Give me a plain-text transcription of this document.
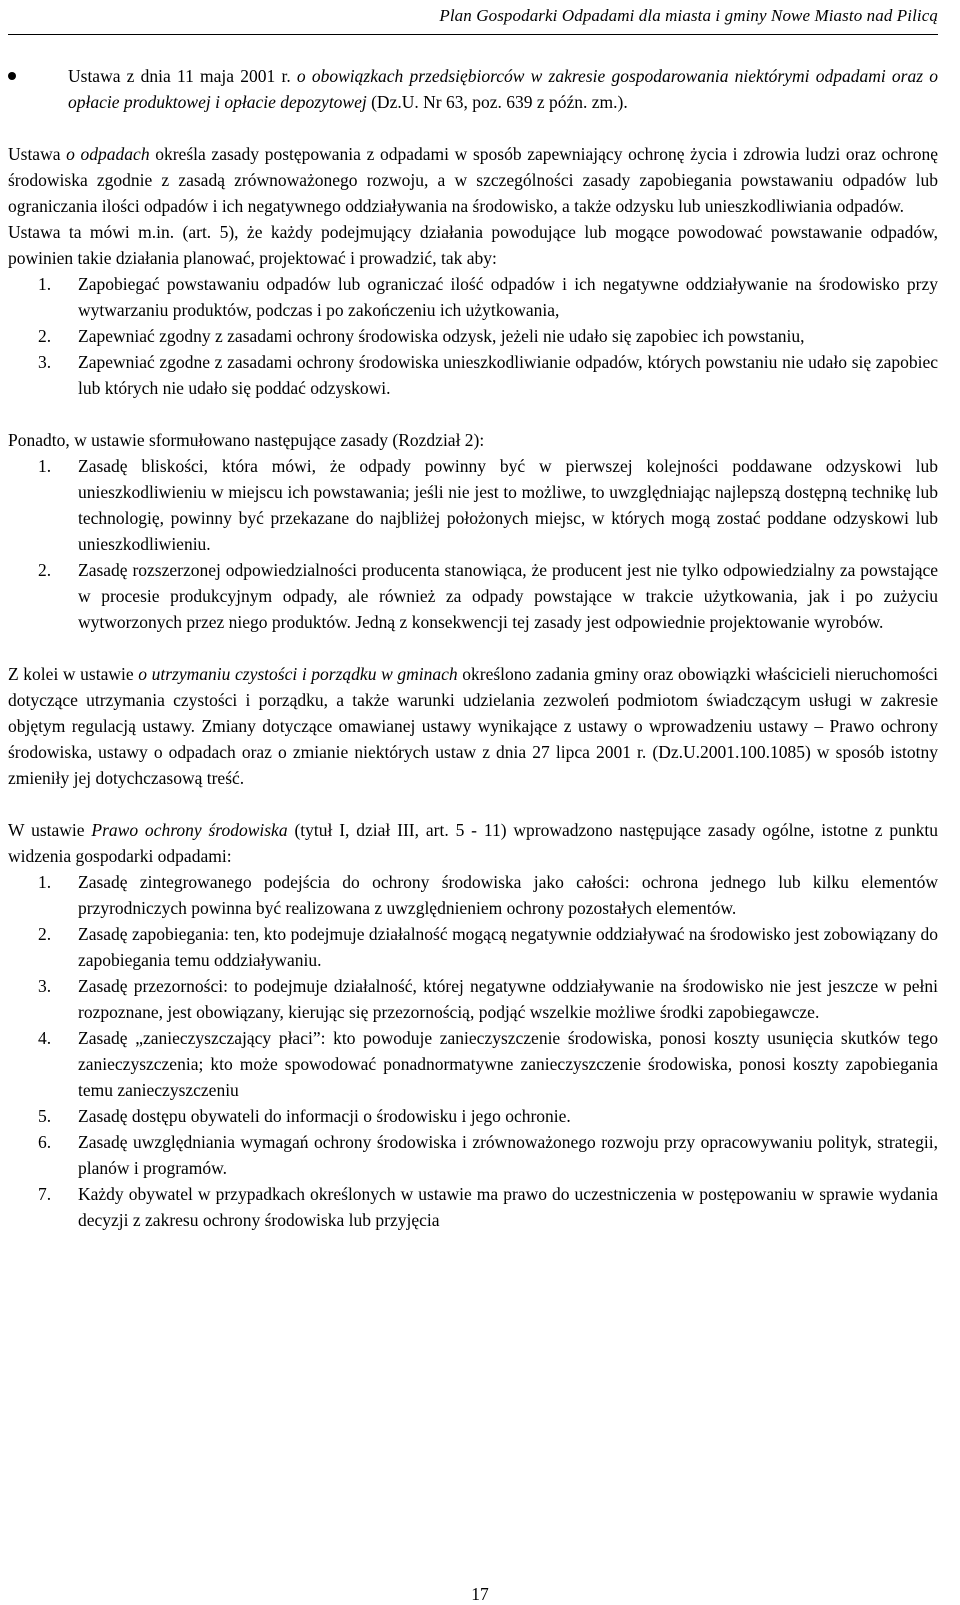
Plan Gospodarki Odpadami dla miasta i gminy Nowe Miasto nad Pilicą
Ustawa z dnia 11 maja 2001 r. o obowiązkach przedsiębiorców w zakresie gospodarowania niektórymi odpadami oraz o opłacie produktowej i opłacie depozytowej (Dz.U. Nr 63, poz. 639 z późn. zm.).

Ustawa o odpadach określa zasady postępowania z odpadami w sposób zapewniający ochronę życia i zdrowia ludzi oraz ochronę środowiska zgodnie z zasadą zrównoważonego rozwoju, a w szczególności zasady zapobiegania powstawaniu odpadów lub ograniczania ilości odpadów i ich negatywnego oddziaływania na środowisko, a także odzysku lub unieszkodliwiania odpadów.

Ustawa ta mówi m.in. (art. 5), że każdy podejmujący działania powodujące lub mogące powodować powstawanie odpadów, powinien takie działania planować, projektować i prowadzić, tak aby:

1. Zapobiegać powstawaniu odpadów lub ograniczać ilość odpadów i ich negatywne oddziaływanie na środowisko przy wytwarzaniu produktów, podczas i po zakończeniu ich użytkowania,
2. Zapewniać zgodny z zasadami ochrony środowiska odzysk, jeżeli nie udało się zapobiec ich powstaniu,
3. Zapewniać zgodne z zasadami ochrony środowiska unieszkodliwianie odpadów, których powstaniu nie udało się zapobiec lub których nie udało się poddać odzyskowi.

Ponadto, w ustawie sformułowano następujące zasady (Rozdział 2):

1. Zasadę bliskości, która mówi, że odpady powinny być w pierwszej kolejności poddawane odzyskowi lub unieszkodliwieniu w miejscu ich powstawania; jeśli nie jest to możliwe, to uwzględniając najlepszą dostępną technikę lub technologię, powinny być przekazane do najbliżej położonych miejsc, w których mogą zostać poddane odzyskowi lub unieszkodliwieniu.
2. Zasadę rozszerzonej odpowiedzialności producenta stanowiąca, że producent jest nie tylko odpowiedzialny za powstające w procesie produkcyjnym odpady, ale również za odpady powstające w trakcie użytkowania, jak i po zużyciu wytworzonych przez niego produktów. Jedną z konsekwencji tej zasady jest odpowiednie projektowanie wyrobów.

Z kolei w ustawie o utrzymaniu czystości i porządku w gminach określono zadania gminy oraz obowiązki właścicieli nieruchomości dotyczące utrzymania czystości i porządku, a także warunki udzielania zezwoleń podmiotom świadczącym usługi w zakresie objętym regulacją ustawy. Zmiany dotyczące omawianej ustawy wynikające z ustawy o wprowadzeniu ustawy – Prawo ochrony środowiska, ustawy o odpadach oraz o zmianie niektórych ustaw z dnia 27 lipca 2001 r. (Dz.U.2001.100.1085) w sposób istotny zmieniły jej dotychczasową treść.

W ustawie Prawo ochrony środowiska (tytuł I, dział III, art. 5 - 11) wprowadzono następujące zasady ogólne, istotne z punktu widzenia gospodarki odpadami:

1. Zasadę zintegrowanego podejścia do ochrony środowiska jako całości: ochrona jednego lub kilku elementów przyrodniczych powinna być realizowana z uwzględnieniem ochrony pozostałych elementów.
2. Zasadę zapobiegania: ten, kto podejmuje działalność mogącą negatywnie oddziaływać na środowisko jest zobowiązany do zapobiegania temu oddziaływaniu.
3. Zasadę przezorności: to podejmuje działalność, której negatywne oddziaływanie na środowisko nie jest jeszcze w pełni rozpoznane, jest obowiązany, kierując się przezornością, podjąć wszelkie możliwe środki zapobiegawcze.
4. Zasadę „zanieczyszczający płaci”: kto powoduje zanieczyszczenie środowiska, ponosi koszty usunięcia skutków tego zanieczyszczenia; kto może spowodować ponadnormatywne zanieczyszczenie środowiska, ponosi koszty zapobiegania temu zanieczyszczeniu
5. Zasadę dostępu obywateli do informacji o środowisku i jego ochronie.
6. Zasadę uwzględniania wymagań ochrony środowiska i zrównoważonego rozwoju przy opracowywaniu polityk, strategii, planów i programów.
7. Każdy obywatel w przypadkach określonych w ustawie ma prawo do uczestniczenia w postępowaniu w sprawie wydania decyzji z zakresu ochrony środowiska lub przyjęcia
17
